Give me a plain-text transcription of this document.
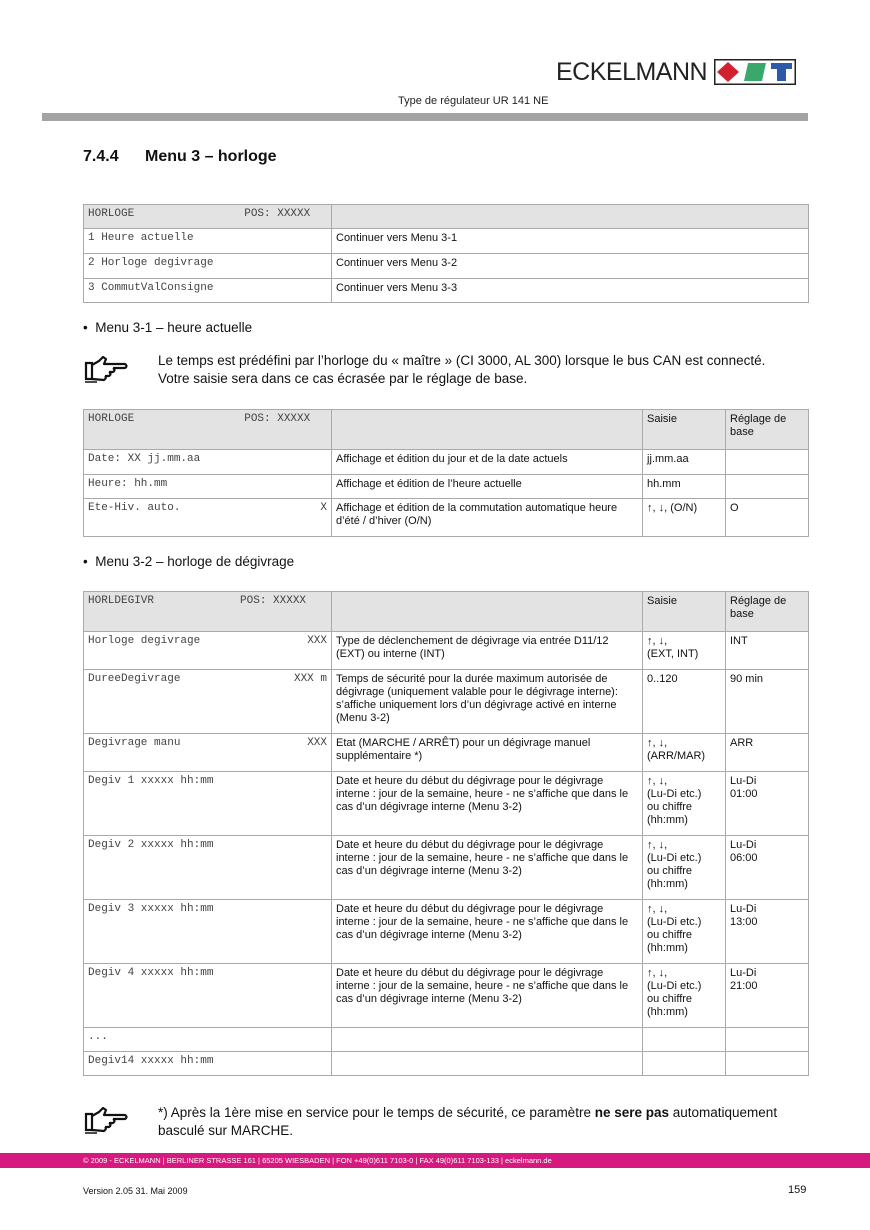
ECKELMANN
Type de régulateur UR 141 NE
7.4.4 Menu 3 – horloge
HORLOGE POS: XXXXX	
1 Heure actuelle	Continuer vers Menu 3-1
2 Horloge degivrage	Continuer vers Menu 3-2
3 CommutValConsigne	Continuer vers Menu 3-3
•  Menu 3-1 – heure actuelle
Le temps est prédéfini par l’horloge du « maître » (CI 3000, AL 300) lorsque le bus CAN est connecté. Votre saisie sera dans ce cas écrasée par le réglage de base.
HORLOGE POS: XXXXX		Saisie	Réglage de base
Date: XX jj.mm.aa	Affichage et édition du jour et de la date actuels	jj.mm.aa	
Heure: hh.mm	Affichage et édition de l’heure actuelle	hh.mm	
Ete-Hiv. auto. X	Affichage et édition de la commutation automatique heure d’été / d’hiver (O/N)	↑, ↓, (O/N)	O
•  Menu 3-2 – horloge de dégivrage
HORLDEGIVR POS: XXXXX		Saisie	Réglage de base
Horloge degivrage XXX	Type de déclenchement de dégivrage via entrée D11/12 (EXT) ou interne (INT)	↑, ↓,
(EXT, INT)	INT
DureeDegivrage XXX m	Temps de sécurité pour la durée maximum autorisée de dégivrage (uniquement valable pour le dégivrage interne): s’affiche uniquement lors d’un dégivrage activé en interne (Menu 3-2)	0..120	90 min
Degivrage manu XXX	Etat (MARCHE / ARRÊT) pour un dégivrage manuel supplémentaire *)	↑, ↓,
(ARR/MAR)	ARR
Degiv 1 xxxxx hh:mm	Date et heure du début du dégivrage pour le dégivrage interne : jour de la semaine, heure - ne s’affiche que dans le cas d’un dégivrage interne (Menu 3-2)	↑, ↓,
(Lu-Di etc.)
ou chiffre
(hh:mm)	Lu-Di
01:00
Degiv 2 xxxxx hh:mm	Date et heure du début du dégivrage pour le dégivrage interne : jour de la semaine, heure - ne s’affiche que dans le cas d’un dégivrage interne (Menu 3-2)	↑, ↓,
(Lu-Di etc.)
ou chiffre
(hh:mm)	Lu-Di
06:00
Degiv 3 xxxxx hh:mm	Date et heure du début du dégivrage pour le dégivrage interne : jour de la semaine, heure - ne s’affiche que dans le cas d’un dégivrage interne (Menu 3-2)	↑, ↓,
(Lu-Di etc.)
ou chiffre
(hh:mm)	Lu-Di
13:00
Degiv 4 xxxxx hh:mm	Date et heure du début du dégivrage pour le dégivrage interne : jour de la semaine, heure - ne s’affiche que dans le cas d’un dégivrage interne (Menu 3-2)	↑, ↓,
(Lu-Di etc.)
ou chiffre
(hh:mm)	Lu-Di
21:00
...			
Degiv14 xxxxx hh:mm			
*) Après la 1ère mise en service pour le temps de sécurité, ce paramètre ne sere pas automatiquement basculé sur MARCHE.
© 2009 - ECKELMANN | BERLINER STRASSE 161 | 65205 WIESBADEN | FON +49(0)611 7103-0 | FAX 49(0)611 7103-133 | eckelmann.de
Version 2.05 31. Mai 2009	159
